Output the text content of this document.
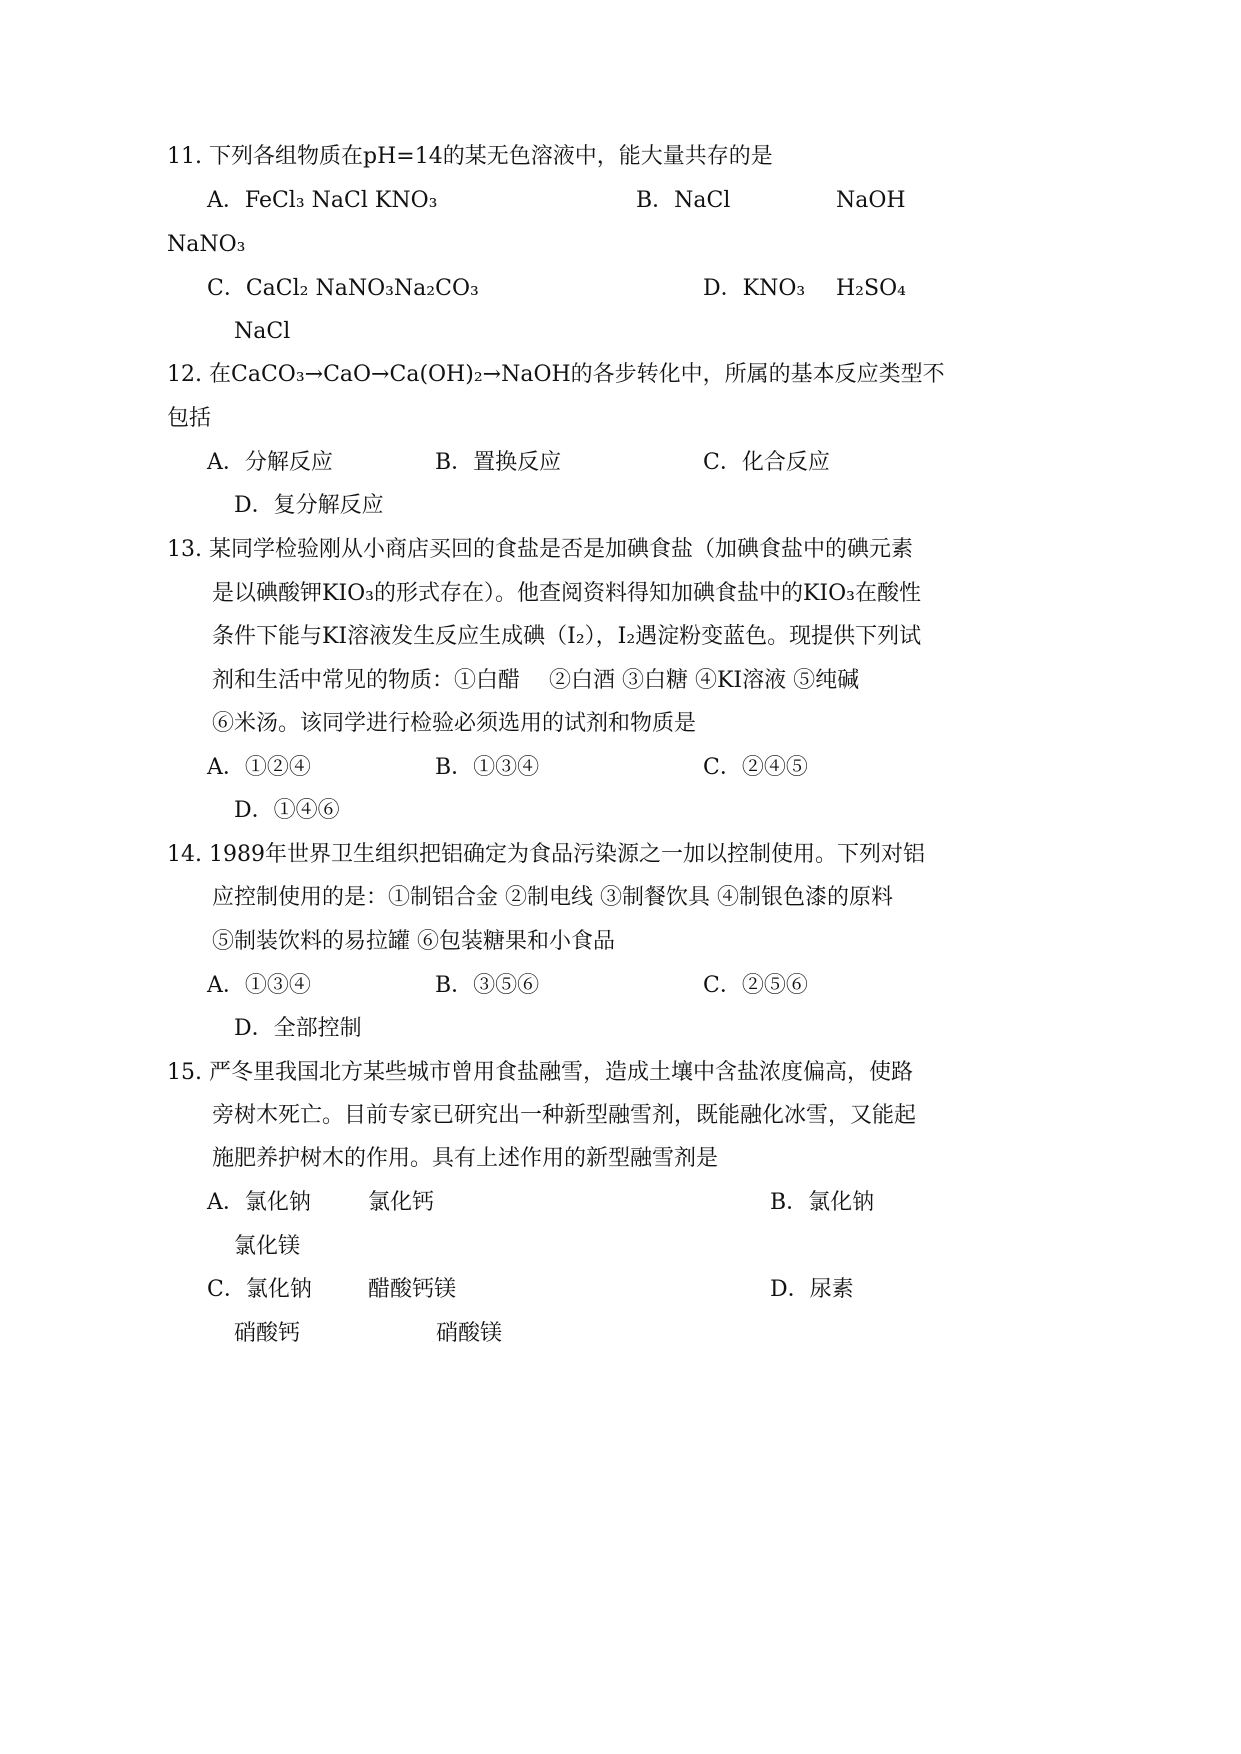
11. 下列各组物质在pH=14的某无色溶液中，能大量共存的是
A．FeCl₃ NaCl KNO₃	B．NaCl	NaOH
NaNO₃
C．CaCl₂ NaNO₃Na₂CO₃	D．KNO₃ H₂SO₄
NaCl
12. 在CaCO₃→CaO→Ca(OH)₂→NaOH的各步转化中，所属的基本反应类型不
包括
A．分解反应	B．置换反应	C．化合反应
D．复分解反应
13. 某同学检验刚从小商店买回的食盐是否是加碘食盐（加碘食盐中的碘元素
是以碘酸钾KIO₃的形式存在）。他查阅资料得知加碘食盐中的KIO₃在酸性
条件下能与KI溶液发生反应生成碘（I₂），I₂遇淀粉变蓝色。现提供下列试
剂和生活中常见的物质：①白醋　 ②白酒 ③白糖 ④KI溶液 ⑤纯碱
⑥米汤。该同学进行检验必须选用的试剂和物质是
A．①②④	B．①③④	C．②④⑤
D．①④⑥
14. 1989年世界卫生组织把铝确定为食品污染源之一加以控制使用。下列对铝
应控制使用的是：①制铝合金 ②制电线 ③制餐饮具 ④制银色漆的原料
⑤制装饮料的易拉罐 ⑥包装糖果和小食品
A．①③④	B．③⑤⑥	C．②⑤⑥
D．全部控制
15. 严冬里我国北方某些城市曾用食盐融雪，造成土壤中含盐浓度偏高，使路
旁树木死亡。目前专家已研究出一种新型融雪剂，既能融化冰雪，又能起
施肥养护树木的作用。具有上述作用的新型融雪剂是
A．氯化钠	氯化钙	B．氯化钠
氯化镁
C．氯化钠	醋酸钙镁	D．尿素
硝酸钙	硝酸镁
